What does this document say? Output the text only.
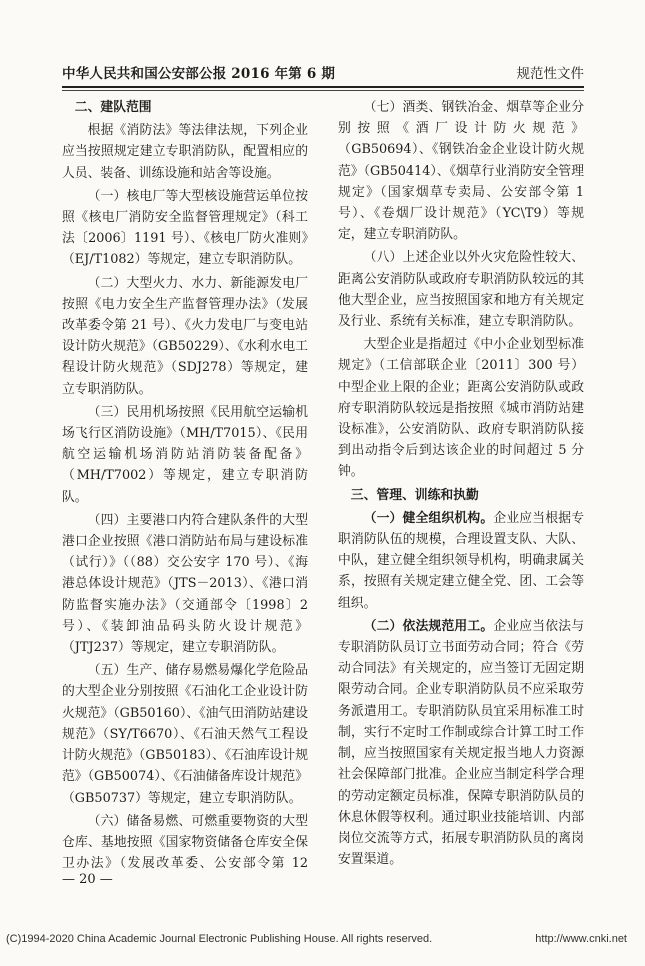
中华人民共和国公安部公报 2016 年第 6 期	规范性文件

二、建队范围

根据《消防法》等法律法规，下列企业应当按照规定建立专职消防队，配置相应的人员、装备、训练设施和站舍等设施。

（一）核电厂等大型核设施营运单位按照《核电厂消防安全监督管理规定》（科工法〔2006〕1191 号）、《核电厂防火准则》（EJ/T1082）等规定，建立专职消防队。

（二）大型火力、水力、新能源发电厂按照《电力安全生产监督管理办法》（发展改革委令第 21 号）、《火力发电厂与变电站设计防火规范》（GB50229）、《水利水电工程设计防火规范》（SDJ278）等规定，建立专职消防队。

（三）民用机场按照《民用航空运输机场飞行区消防设施》（MH/T7015）、《民用航空运输机场消防站消防装备配备》（MH/T7002）等规定，建立专职消防队。

（四）主要港口内符合建队条件的大型港口企业按照《港口消防站布局与建设标准（试行）》（（88）交公安字 170 号）、《海港总体设计规范》（JTS－2013）、《港口消防监督实施办法》（交通部令〔1998〕2 号）、《装卸油品码头防火设计规范》（JTJ237）等规定，建立专职消防队。

（五）生产、储存易燃易爆化学危险品的大型企业分别按照《石油化工企业设计防火规范》（GB50160）、《油气田消防站建设规范》（SY/T6670）、《石油天然气工程设计防火规范》（GB50183）、《石油库设计规范》（GB50074）、《石油储备库设计规范》（GB50737）等规定，建立专职消防队。

（六）储备易燃、可燃重要物资的大型仓库、基地按照《国家物资储备仓库安全保卫办法》（发展改革委、公安部令第 12

（七）酒类、钢铁冶金、烟草等企业分别按照《酒厂设计防火规范》（GB50694）、《钢铁冶金企业设计防火规范》（GB50414）、《烟草行业消防安全管理规定》（国家烟草专卖局、公安部令第 1 号）、《卷烟厂设计规范》（YC\T9）等规定，建立专职消防队。

（八）上述企业以外火灾危险性较大、距离公安消防队或政府专职消防队较远的其他大型企业，应当按照国家和地方有关规定及行业、系统有关标准，建立专职消防队。

大型企业是指超过《中小企业划型标准规定》（工信部联企业〔2011〕300 号）中型企业上限的企业；距离公安消防队或政府专职消防队较远是指按照《城市消防站建设标准》，公安消防队、政府专职消防队接到出动指令后到达该企业的时间超过 5 分钟。

三、管理、训练和执勤

（一）健全组织机构。企业应当根据专职消防队伍的规模，合理设置支队、大队、中队，建立健全组织领导机构，明确隶属关系，按照有关规定建立健全党、团、工会等组织。

（二）依法规范用工。企业应当依法与专职消防队员订立书面劳动合同；符合《劳动合同法》有关规定的，应当签订无固定期限劳动合同。企业专职消防队员不应采取劳务派遣用工。专职消防队员宜采用标准工时制，实行不定时工作制或综合计算工时工作制，应当按照国家有关规定报当地人力资源社会保障部门批准。企业应当制定科学合理的劳动定额定员标准，保障专职消防队员的休息休假等权利。通过职业技能培训、内部岗位交流等方式，拓展专职消防队员的离岗安置渠道。

— 20 —
(C)1994-2020 China Academic Journal Electronic Publishing House. All rights reserved.	http://www.cnki.net
